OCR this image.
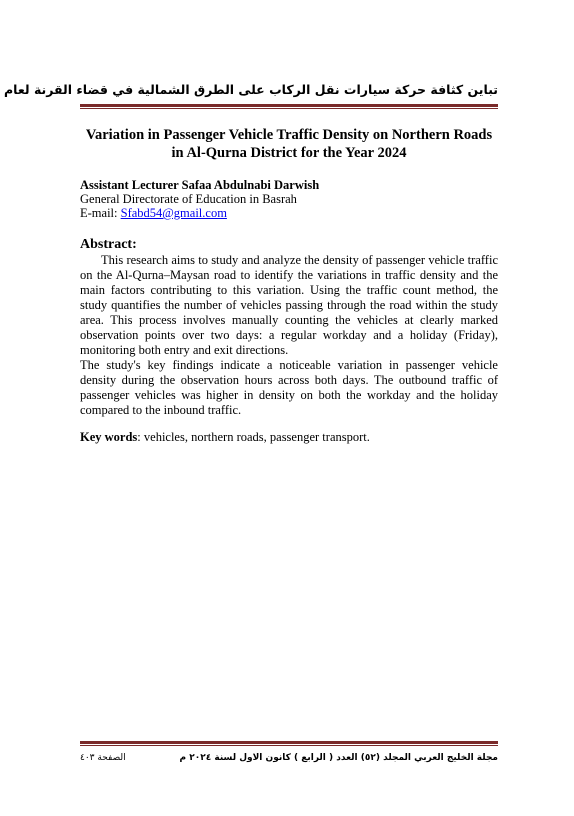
تباين كثافة حركة سيارات نقل الركاب على الطرق الشمالية في قضاء القرنة لعام
Variation in Passenger Vehicle Traffic Density on Northern Roads in Al-Qurna District for the Year 2024
Assistant Lecturer Safaa Abdulnabi Darwish
General Directorate of Education in Basrah
E-mail: Sfabd54@gmail.com
Abstract:

This research aims to study and analyze the density of passenger vehicle traffic on the Al-Qurna–Maysan road to identify the variations in traffic density and the main factors contributing to this variation. Using the traffic count method, the study quantifies the number of vehicles passing through the road within the study area. This process involves manually counting the vehicles at clearly marked observation points over two days: a regular workday and a holiday (Friday), monitoring both entry and exit directions.

The study's key findings indicate a noticeable variation in passenger vehicle density during the observation hours across both days. The outbound traffic of passenger vehicles was higher in density on both the workday and the holiday compared to the inbound traffic.

Key words: vehicles, northern roads, passenger transport.
مجلة الخليج العربي المجلد (٥٢) العدد ( الرابع ) كانون الاول لسنة ٢٠٢٤ م
الصفحة ٤٠٣
